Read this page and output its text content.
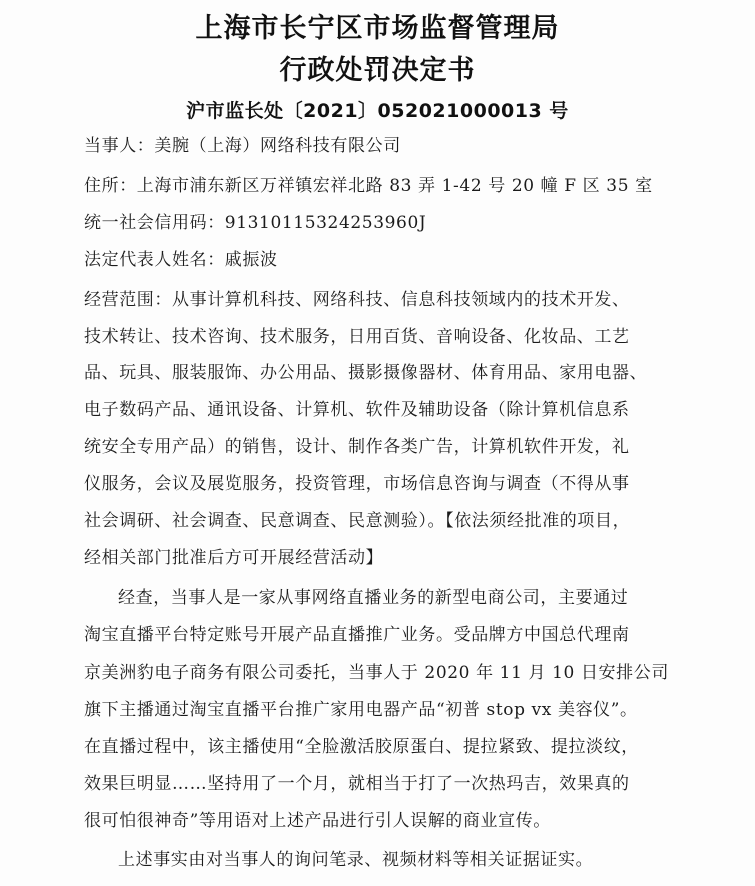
上海市长宁区市场监督管理局
行政处罚决定书
沪市监长处〔2021〕052021000013 号
当事人：美腕（上海）网络科技有限公司
住所：上海市浦东新区万祥镇宏祥北路 83 弄 1-42 号 20 幢 F 区 35 室
统一社会信用码：91310115324253960J
法定代表人姓名：戚振波
经营范围：从事计算机科技、网络科技、信息科技领域内的技术开发、
技术转让、技术咨询、技术服务，日用百货、音响设备、化妆品、工艺
品、玩具、服装服饰、办公用品、摄影摄像器材、体育用品、家用电器、
电子数码产品、通讯设备、计算机、软件及辅助设备（除计算机信息系
统安全专用产品）的销售，设计、制作各类广告，计算机软件开发，礼
仪服务，会议及展览服务，投资管理，市场信息咨询与调查（不得从事
社会调研、社会调查、民意调查、民意测验）。【依法须经批准的项目，
经相关部门批准后方可开展经营活动】
经查，当事人是一家从事网络直播业务的新型电商公司，主要通过
淘宝直播平台特定账号开展产品直播推广业务。受品牌方中国总代理南
京美洲豹电子商务有限公司委托，当事人于 2020 年 11 月 10 日安排公司
旗下主播通过淘宝直播平台推广家用电器产品“初普 stop vx 美容仪”。
在直播过程中，该主播使用“全脸激活胶原蛋白、提拉紧致、提拉淡纹，
效果巨明显……坚持用了一个月，就相当于打了一次热玛吉，效果真的
很可怕很神奇”等用语对上述产品进行引人误解的商业宣传。
上述事实由对当事人的询问笔录、视频材料等相关证据证实。
